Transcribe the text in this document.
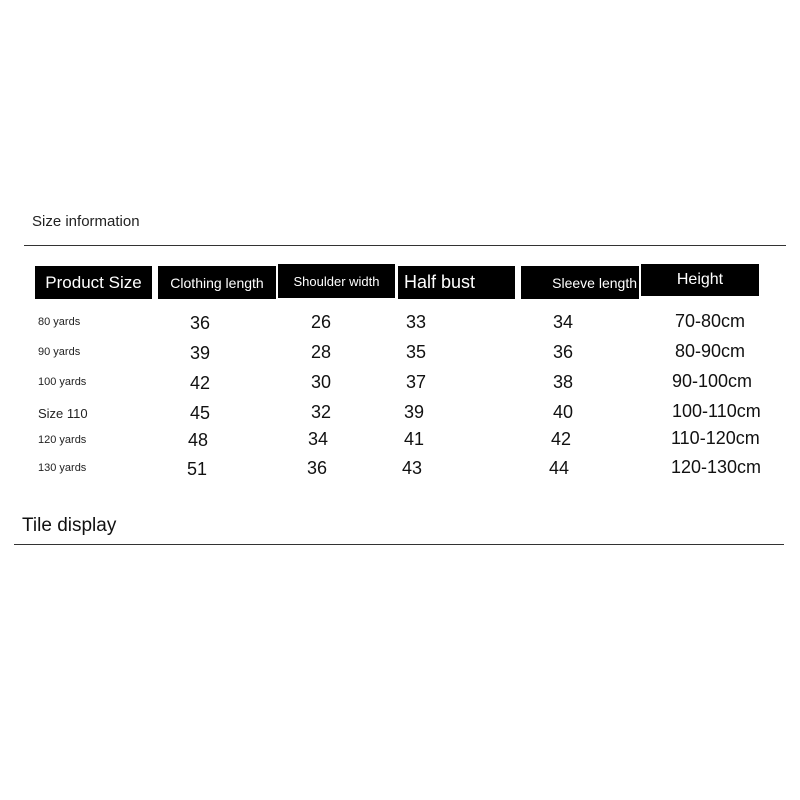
Size information
Product Size	Clothing length	Shoulder width	Half bust	Sleeve length	Height
80 yards	36	26	33	34	70-80cm
90 yards	39	28	35	36	80-90cm
100 yards	42	30	37	38	90-100cm
Size 110	45	32	39	40	100-110cm
120 yards	48	34	41	42	110-120cm
130 yards	51	36	43	44	120-130cm
Tile display
